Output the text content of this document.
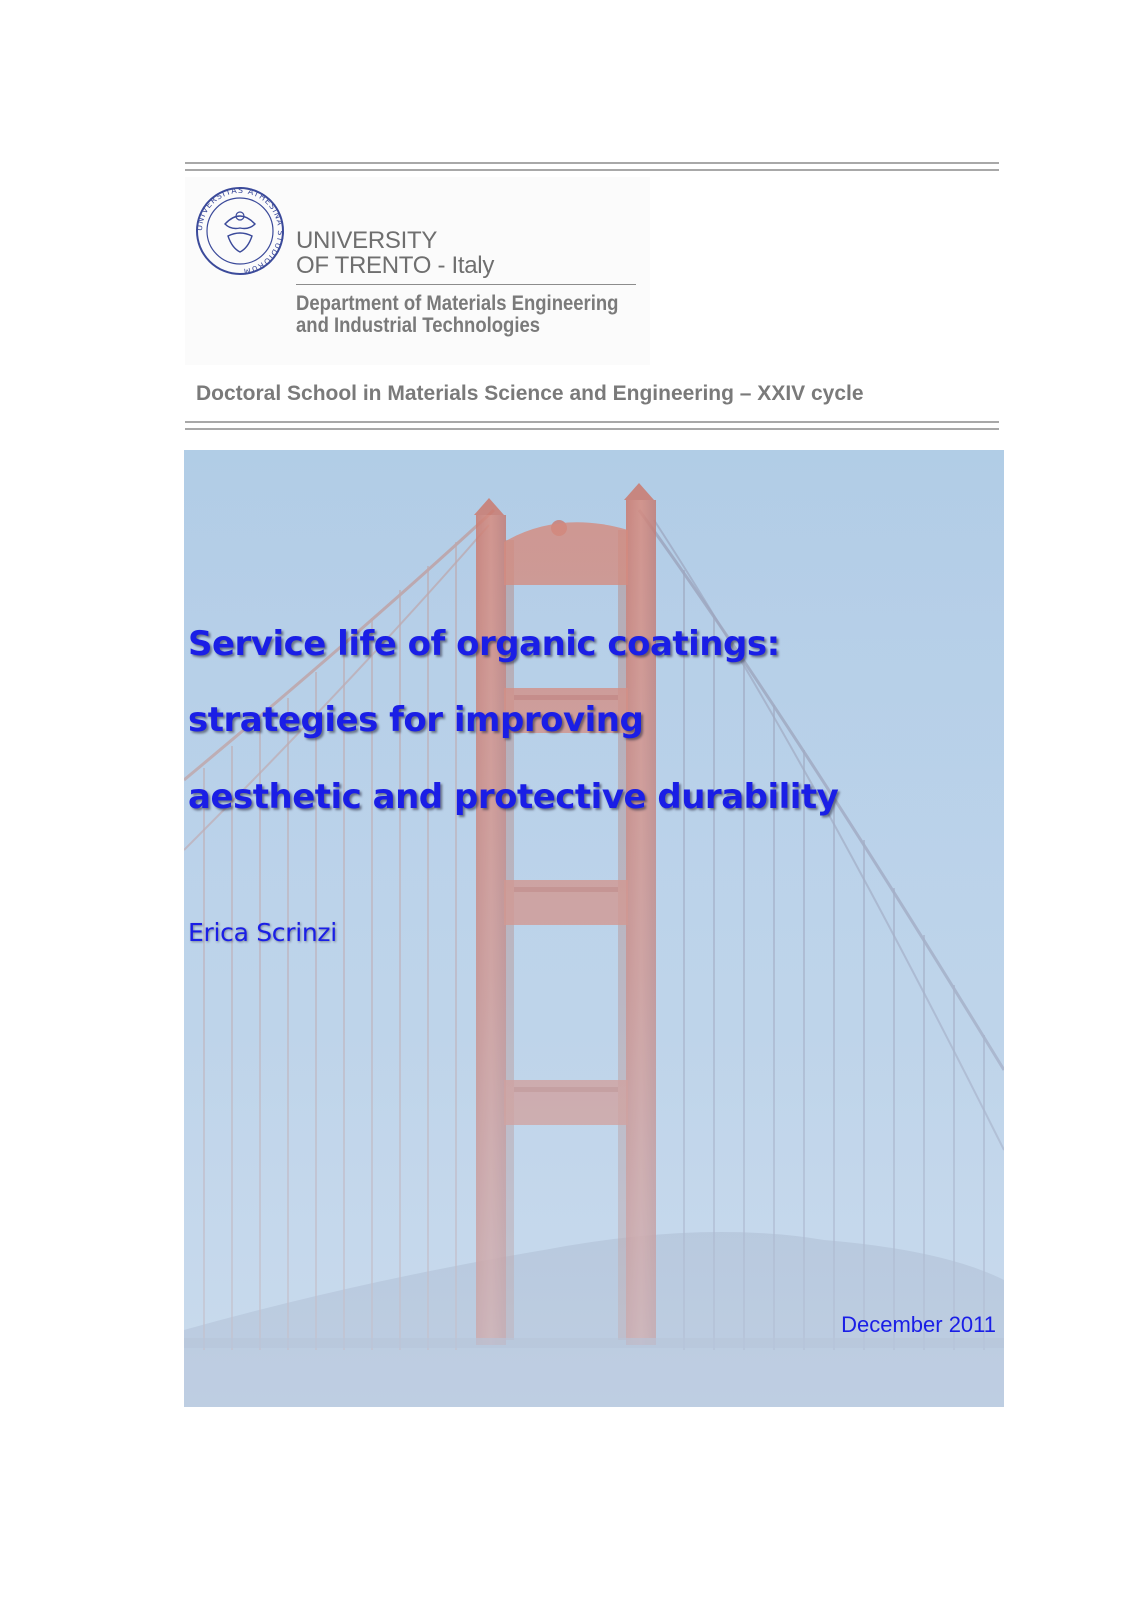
UNIVERSITAS ATHESINA STUDIORUM
UNIVERSITY
OF TRENTO - Italy
Department of Materials Engineering
and Industrial Technologies
Doctoral School in Materials Science and Engineering – XXIV cycle
Service life of organic coatings:
strategies for improving
aesthetic and protective durability
Erica Scrinzi
December 2011
